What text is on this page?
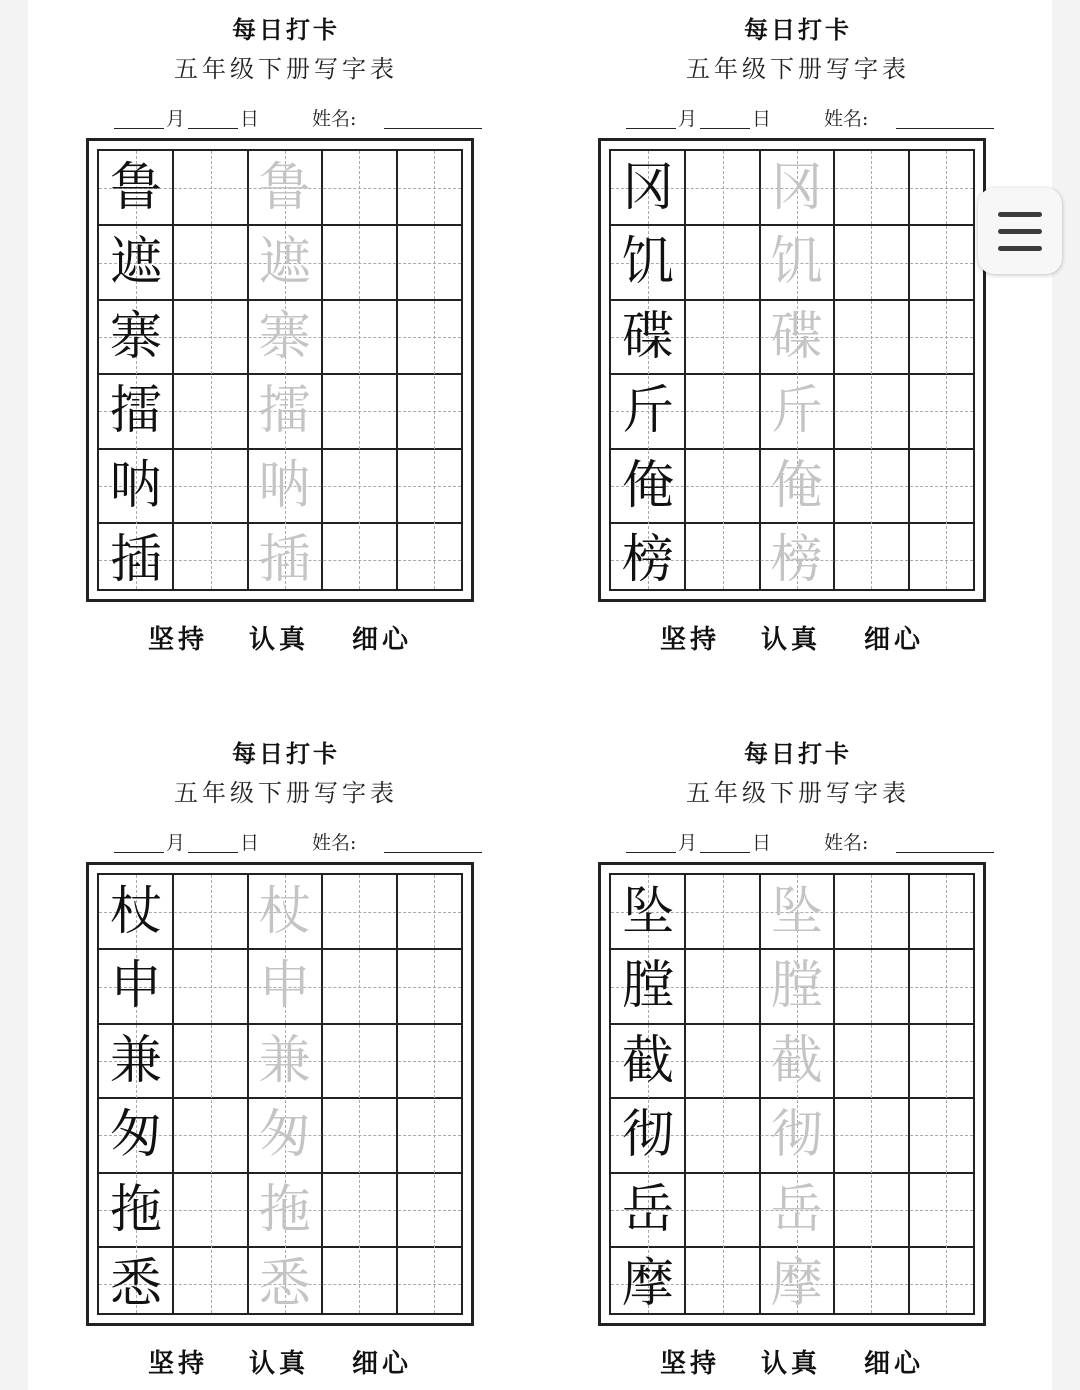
每日打卡
五年级下册写字表
月	日	姓名:
鲁 鲁
遮 遮
寨 寨
擂 擂
呐 呐
插 插
坚持 认真 细心
每日打卡
五年级下册写字表
月	日	姓名:
冈 冈
饥 饥
碟 碟
斤 斤
俺 俺
榜 榜
坚持 认真 细心
每日打卡
五年级下册写字表
月	日	姓名:
杖 杖
申 申
兼 兼
匆 匆
拖 拖
悉 悉
坚持 认真 细心
每日打卡
五年级下册写字表
月	日	姓名:
坠 坠
膛 膛
截 截
彻 彻
岳 岳
摩 摩
坚持 认真 细心
